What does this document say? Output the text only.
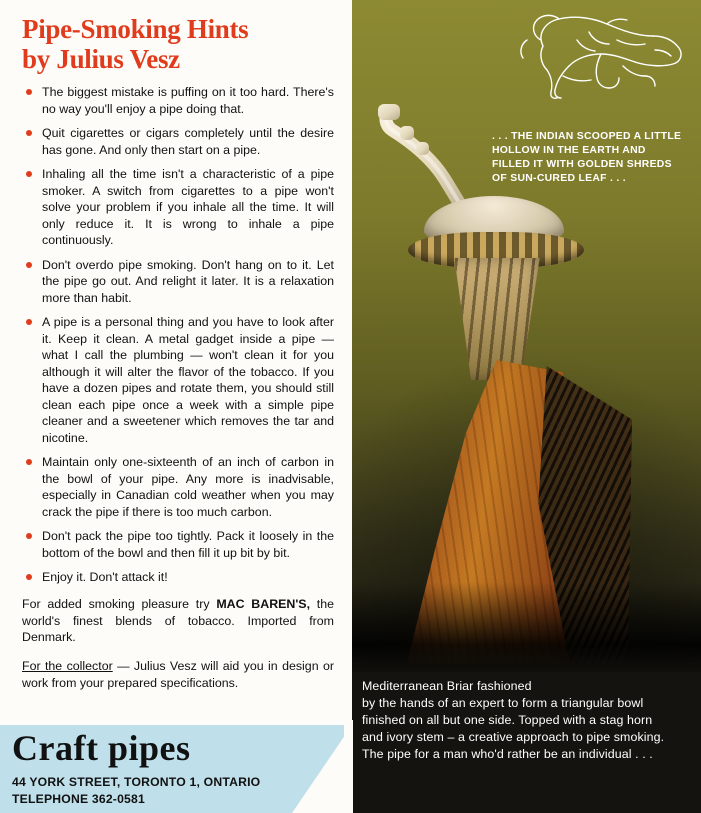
Pipe-Smoking Hints
by Julius Vesz
The biggest mistake is puffing on it too hard. There's no way you'll enjoy a pipe doing that.
Quit cigarettes or cigars completely until the desire has gone. And only then start on a pipe.
Inhaling all the time isn't a characteristic of a pipe smoker. A switch from cigarettes to a pipe won't solve your problem if you inhale all the time. It will only reduce it. It is wrong to inhale a pipe continuously.
Don't overdo pipe smoking. Don't hang on to it. Let the pipe go out. And relight it later. It is a relaxation more than habit.
A pipe is a personal thing and you have to look after it. Keep it clean. A metal gadget inside a pipe — what I call the plumbing — won't clean it for you although it will alter the flavor of the tobacco. If you have a dozen pipes and rotate them, you should still clean each pipe once a week with a simple pipe cleaner and a sweetener which removes the tar and nicotine.
Maintain only one-sixteenth of an inch of carbon in the bowl of your pipe. Any more is inadvisable, especially in Canadian cold weather when you may crack the pipe if there is too much carbon.
Don't pack the pipe too tightly. Pack it loosely in the bottom of the bowl and then fill it up bit by bit.
Enjoy it. Don't attack it!

For added smoking pleasure try MAC BAREN'S, the world's finest blends of tobacco. Imported from Denmark.

For the collector — Julius Vesz will aid you in design or work from your prepared specifications.

Craft pipes
44 YORK STREET, TORONTO 1, ONTARIO
TELEPHONE 362-0581
. . . THE INDIAN SCOOPED A LITTLE HOLLOW IN THE EARTH AND FILLED IT WITH GOLDEN SHREDS OF SUN-CURED LEAF . . .
Mediterranean Briar fashioned
by the hands of an expert to form a triangular bowl
finished on all but one side. Topped with a stag horn
and ivory stem – a creative approach to pipe smoking.
The pipe for a man who'd rather be an individual . . .
